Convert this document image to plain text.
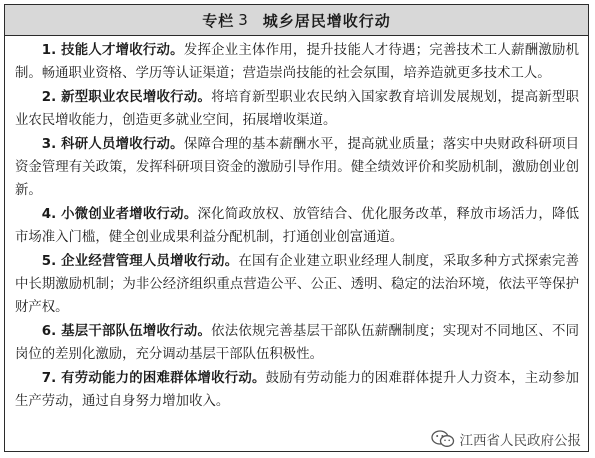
专栏 3 城乡居民增收行动

1. 技能人才增收行动。发挥企业主体作用，提升技能人才待遇；完善技术工人薪酬激励机制。畅通职业资格、学历等认证渠道；营造崇尚技能的社会氛围，培养造就更多技术工人。

2. 新型职业农民增收行动。将培育新型职业农民纳入国家教育培训发展规划，提高新型职业农民增收能力，创造更多就业空间，拓展增收渠道。

3. 科研人员增收行动。保障合理的基本薪酬水平，提高就业质量；落实中央财政科研项目资金管理有关政策，发挥科研项目资金的激励引导作用。健全绩效评价和奖励机制，激励创业创新。

4. 小微创业者增收行动。深化简政放权、放管结合、优化服务改革，释放市场活力，降低市场准入门槛，健全创业成果利益分配机制，打通创业创富通道。

5. 企业经营管理人员增收行动。在国有企业建立职业经理人制度，采取多种方式探索完善中长期激励机制；为非公经济组织重点营造公平、公正、透明、稳定的法治环境，依法平等保护财产权。

6. 基层干部队伍增收行动。依法依规完善基层干部队伍薪酬制度；实现对不同地区、不同岗位的差别化激励，充分调动基层干部队伍积极性。

7. 有劳动能力的困难群体增收行动。鼓励有劳动能力的困难群体提升人力资本，主动参加生产劳动，通过自身努力增加收入。

江西省人民政府公报
